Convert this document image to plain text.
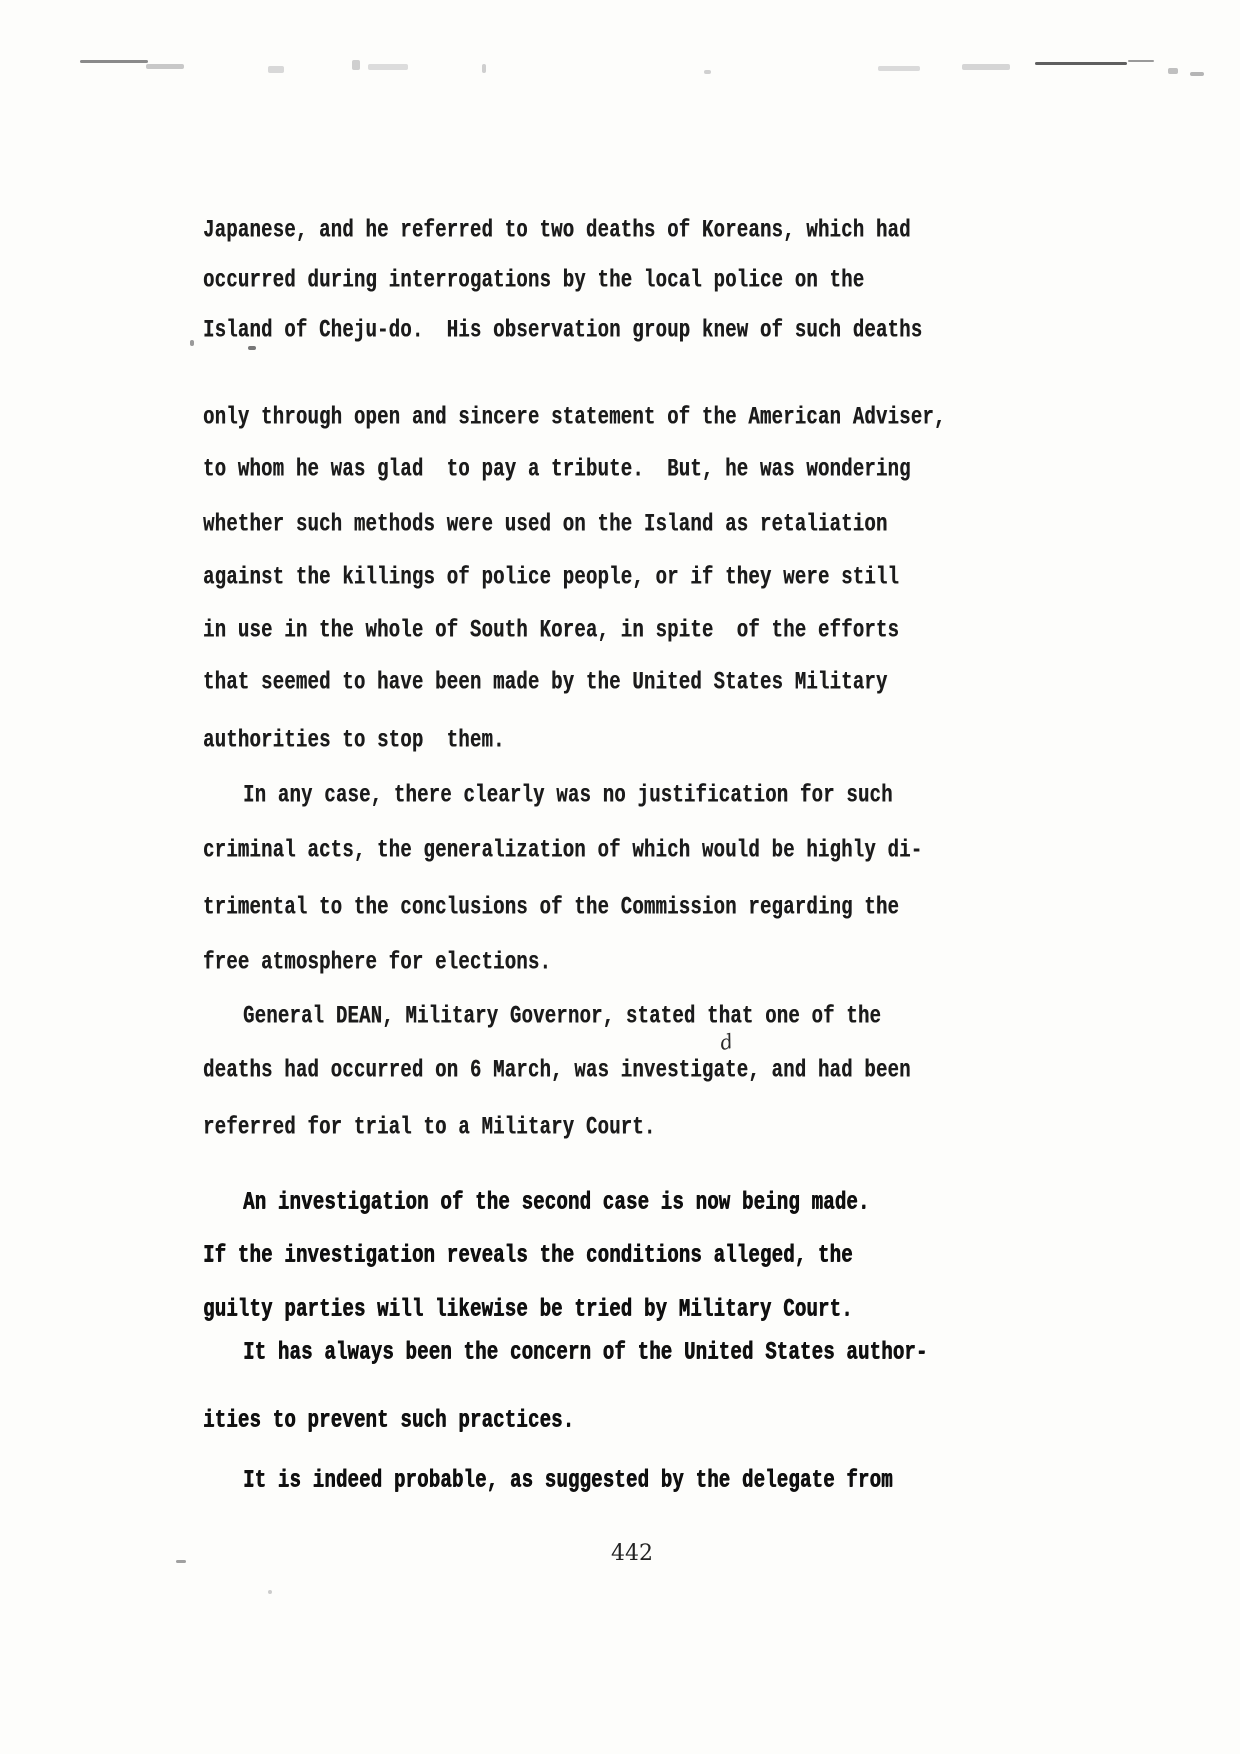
Japanese, and he referred to two deaths of Koreans, which had
occurred during interrogations by the local police on the
Island of Cheju-do.  His observation group knew of such deaths
only through open and sincere statement of the American Adviser,
to whom he was glad  to pay a tribute.  But, he was wondering
whether such methods were used on the Island as retaliation
against the killings of police people, or if they were still
in use in the whole of South Korea, in spite  of the efforts
that seemed to have been made by the United States Military
authorities to stop  them.
In any case, there clearly was no justification for such
criminal acts, the generalization of which would be highly di-
trimental to the conclusions of the Commission regarding the
free atmosphere for elections.
General DEAN, Military Governor, stated that one of the
deaths had occurred on 6 March, was investigate, and had been
referred for trial to a Military Court.
d
An investigation of the second case is now being made.
If the investigation reveals the conditions alleged, the
guilty parties will likewise be tried by Military Court.
It has always been the concern of the United States author-
ities to prevent such practices.
It is indeed probable, as suggested by the delegate from
442
